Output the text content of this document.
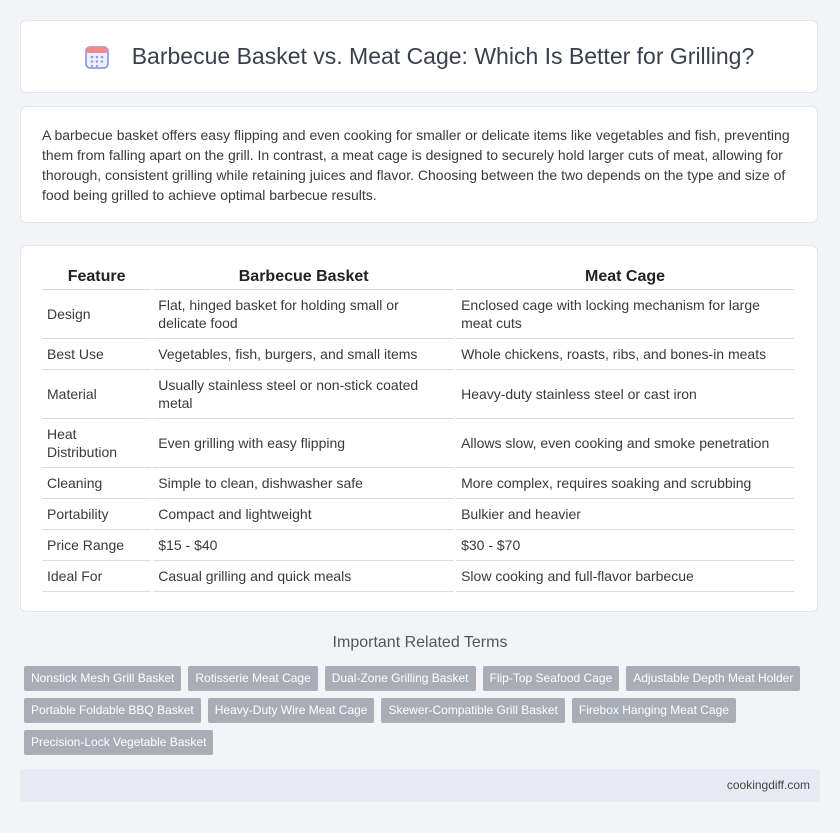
Barbecue Basket vs. Meat Cage: Which Is Better for Grilling?

A barbecue basket offers easy flipping and even cooking for smaller or delicate items like vegetables and fish, preventing them from falling apart on the grill. In contrast, a meat cage is designed to securely hold larger cuts of meat, allowing for thorough, consistent grilling while retaining juices and flavor. Choosing between the two depends on the type and size of food being grilled to achieve optimal barbecue results.

Feature	Barbecue Basket	Meat Cage
Design	Flat, hinged basket for holding small or delicate food	Enclosed cage with locking mechanism for large meat cuts
Best Use	Vegetables, fish, burgers, and small items	Whole chickens, roasts, ribs, and bones-in meats
Material	Usually stainless steel or non-stick coated metal	Heavy-duty stainless steel or cast iron
Heat Distribution	Even grilling with easy flipping	Allows slow, even cooking and smoke penetration
Cleaning	Simple to clean, dishwasher safe	More complex, requires soaking and scrubbing
Portability	Compact and lightweight	Bulkier and heavier
Price Range	$15 - $40	$30 - $70
Ideal For	Casual grilling and quick meals	Slow cooking and full-flavor barbecue
Important Related Terms
Nonstick Mesh Grill Basket	Rotisserie Meat Cage	Dual-Zone Grilling Basket	Flip-Top Seafood Cage	Adjustable Depth Meat Holder
Portable Foldable BBQ Basket	Heavy-Duty Wire Meat Cage	Skewer-Compatible Grill Basket	Firebox Hanging Meat Cage
Precision-Lock Vegetable Basket
cookingdiff.com
